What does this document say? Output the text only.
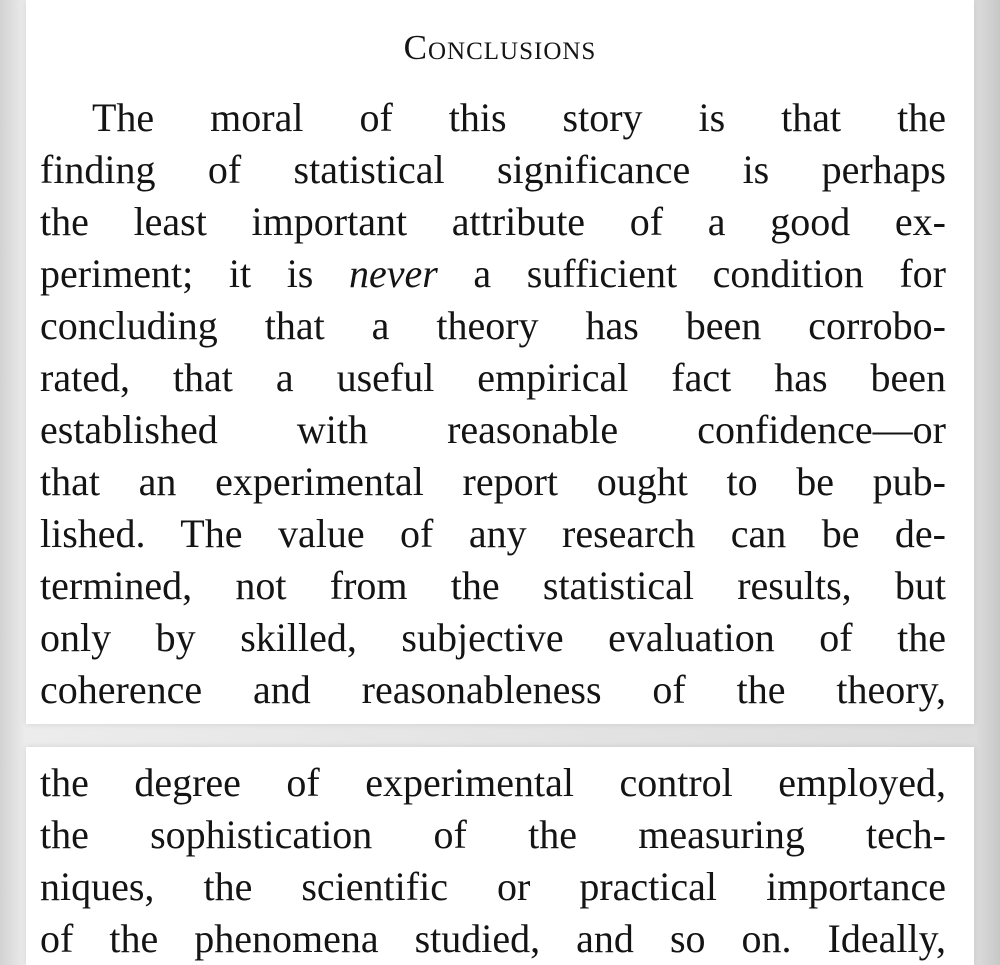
Conclusions
The moral of this story is that the
finding of statistical significance is perhaps
the least important attribute of a good ex-
periment; it is never a sufficient condition for
concluding that a theory has been corrobo-
rated, that a useful empirical fact has been
established with reasonable confidence—or
that an experimental report ought to be pub-
lished. The value of any research can be de-
termined, not from the statistical results, but
only by skilled, subjective evaluation of the
coherence and reasonableness of the theory,
the degree of experimental control employed,
the sophistication of the measuring tech-
niques, the scientific or practical importance
of the phenomena studied, and so on. Ideally,
